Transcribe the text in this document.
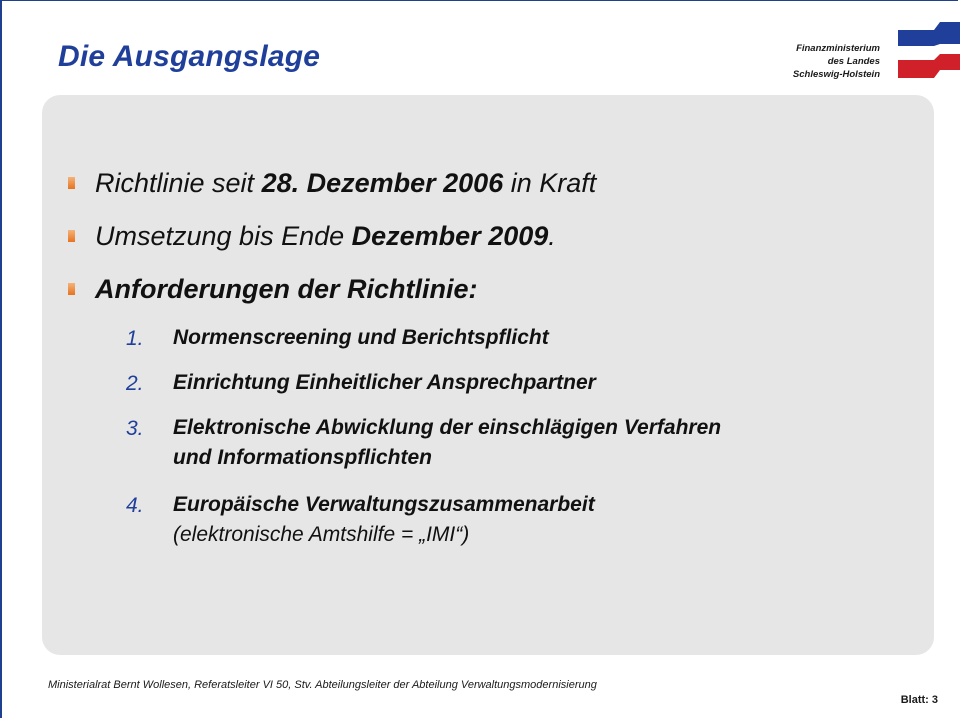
Die Ausgangslage	Finanzministerium
des Landes
Schleswig-Holstein
Richtlinie seit 28. Dezember 2006 in Kraft
Umsetzung bis Ende Dezember 2009.
Anforderungen der Richtlinie:
1.	Normenscreening und Berichtspflicht
2.	Einrichtung Einheitlicher Ansprechpartner
3.	Elektronische Abwicklung der einschlägigen Verfahren
und Informationspflichten
4.	Europäische Verwaltungszusammenarbeit
(elektronische Amtshilfe = „IMI“)
Ministerialrat Bernt Wollesen, Referatsleiter VI 50, Stv. Abteilungsleiter der Abteilung Verwaltungsmodernisierung
Blatt: 3
